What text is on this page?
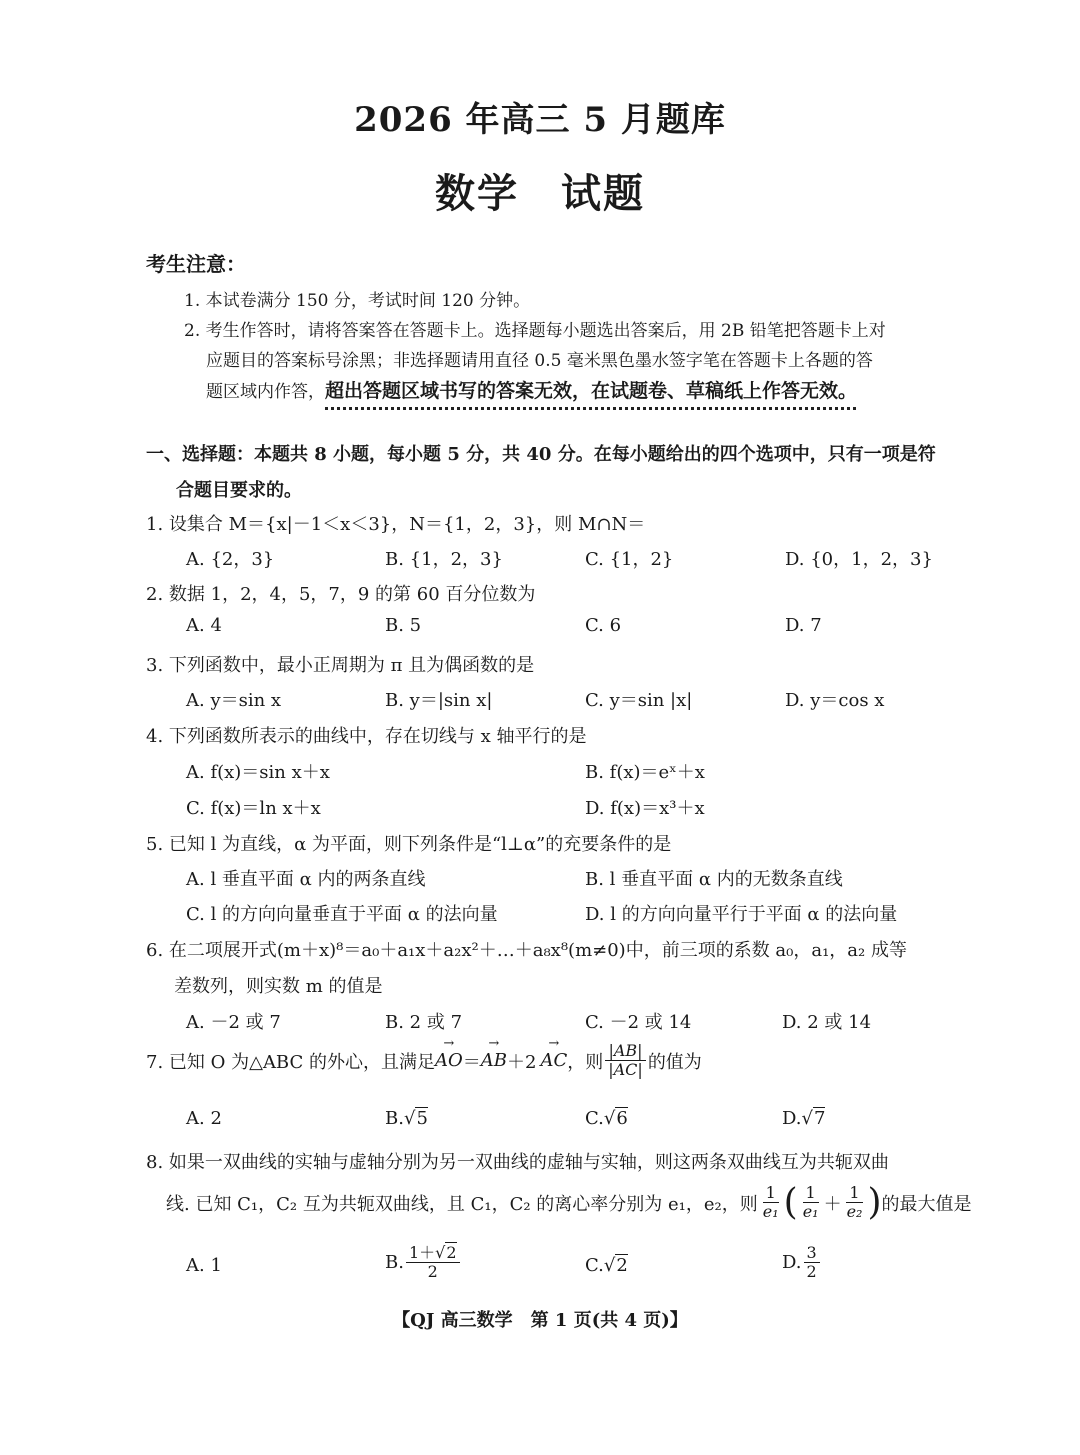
2026 年高三 5 月题库
数学　试题
考生注意：
1. 本试卷满分 150 分，考试时间 120 分钟。
2. 考生作答时，请将答案答在答题卡上。选择题每小题选出答案后，用 2B 铅笔把答题卡上对
应题目的答案标号涂黑；非选择题请用直径 0.5 毫米黑色墨水签字笔在答题卡上各题的答
题区域内作答，超出答题区域书写的答案无效，在试题卷、草稿纸上作答无效。
一、选择题：本题共 8 小题，每小题 5 分，共 40 分。在每小题给出的四个选项中，只有一项是符
合题目要求的。
1. 设集合 M＝{x|－1＜x＜3}，N＝{1，2，3}，则 M∩N＝
A. {2，3}	B. {1，2，3}	C. {1，2}	D. {0，1，2，3}
2. 数据 1，2，4，5，7，9 的第 60 百分位数为
A. 4	B. 5	C. 6	D. 7
3. 下列函数中，最小正周期为 π 且为偶函数的是
A. y＝sin x	B. y＝|sin x|	C. y＝sin |x|	D. y＝cos x
4. 下列函数所表示的曲线中，存在切线与 x 轴平行的是
A. f(x)＝sin x＋x	B. f(x)＝eˣ＋x
C. f(x)＝ln x＋x	D. f(x)＝x³＋x
5. 已知 l 为直线，α 为平面，则下列条件是“l⊥α”的充要条件的是
A. l 垂直平面 α 内的两条直线	B. l 垂直平面 α 内的无数条直线
C. l 的方向向量垂直于平面 α 的法向量	D. l 的方向向量平行于平面 α 的法向量
6. 在二项展开式(m＋x)⁸＝a₀＋a₁x＋a₂x²＋…＋a₈x⁸(m≠0)中，前三项的系数 a₀，a₁，a₂ 成等
差数列，则实数 m 的值是
A. －2 或 7	B. 2 或 7	C. －2 或 14	D. 2 或 14
7. 已知 O 为△ABC 的外心，且满足 → AO ＝ → AB ＋2 → AC ，则 $\frac{|AB|}{|AC|}$ 的值为
A. 2	B.√5	C.√6	D.√7
8. 如果一双曲线的实轴与虚轴分别为另一双曲线的虚轴与实轴，则这两条双曲线互为共轭双曲
线. 已知 C₁，C₂ 互为共轭双曲线，且 C₁，C₂ 的离心率分别为 e₁，e₂，则 $\frac{1}{\text{e₁}}$ ( $\frac{1}{\text{e₁}} + \frac{1}{\text{e₂}}$ ) 的最大值是
A. 1	B. $\frac{1+√2}{2}$	C.√2	D. $\frac{3}{2}$
【QJ 高三数学　第 1 页(共 4 页)】
